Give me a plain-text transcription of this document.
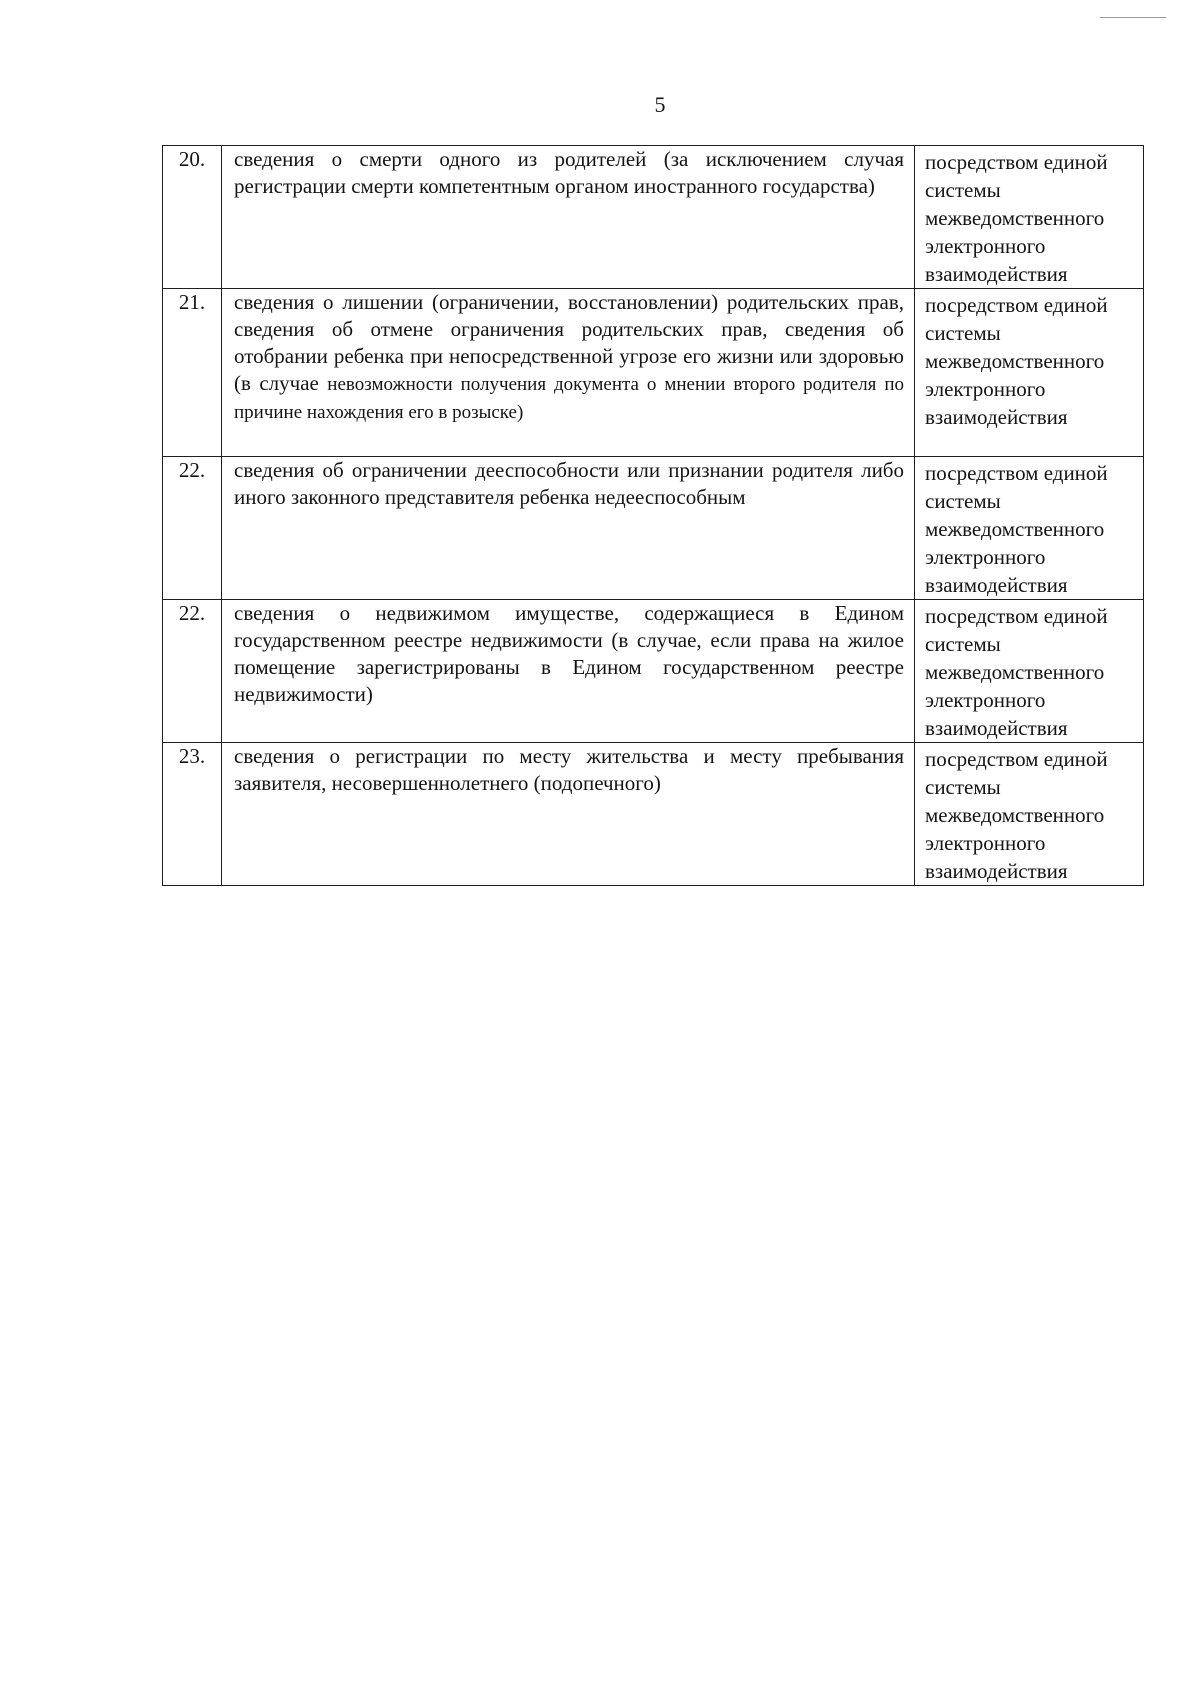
5
20.	сведения о смерти одного из родителей (за исключением случая регистрации смерти компетентным органом иностранного государства)	посредством единой системы межведомственного электронного взаимодействия
21.	сведения о лишении (ограничении, восстановлении) родительских прав, сведения об отмене ограничения родительских прав, сведения об отобрании ребенка при непосредственной угрозе его жизни или здоровью (в случае невозможности получения документа о мнении второго родителя по причине нахождения его в розыске)	посредством единой системы межведомственного электронного взаимодействия
22.	сведения об ограничении дееспособности или признании родителя либо иного законного представителя ребенка недееспособным	посредством единой системы межведомственного электронного взаимодействия
22.	сведения о недвижимом имуществе, содержащиеся в Едином государственном реестре недвижимости (в случае, если права на жилое помещение зарегистрированы в Едином государственном реестре недвижимости)	посредством единой системы межведомственного электронного взаимодействия
23.	сведения о регистрации по месту жительства и месту пребывания заявителя, несовершеннолетнего (подопечного)	посредством единой системы межведомственного электронного взаимодействия
